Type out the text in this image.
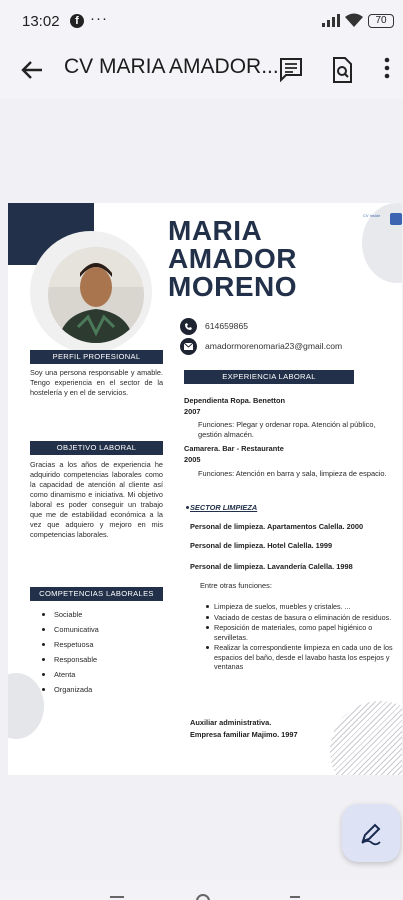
13:02	f ···	70
CV MARIA AMADOR...
MARIA
AMADOR
MORENO
CV Inside
614659865
amadormorenomaria23@gmail.com
PERFIL PROFESIONAL
Soy una persona responsable y amable. Tengo experiencia en el sector de la hostelería y en el de servicios.
OBJETIVO LABORAL
Gracias a los años de experiencia he adquirido competencias laborales como la capacidad de atención al cliente así como dinamismo e iniciativa. Mi objetivo laboral es poder conseguir un trabajo que me de estabilidad económica a la vez que adquiero y mejoro en mis competencias laborales.
COMPETENCIAS LABORALES
Sociable
Comunicativa
Respetuosa
Responsable
Atenta
Organizada
EXPERIENCIA LABORAL
Dependienta Ropa. Benetton
2007
Funciones: Plegar y ordenar ropa. Atención al público, gestión almacén.
Camarera. Bar - Restaurante
2005
Funciones: Atención en barra y sala, limpieza de espacio.
SECTOR LIMPIEZA
Personal de limpieza. Apartamentos Calella. 2000
Personal de limpieza. Hotel Calella. 1999
Personal de limpieza. Lavandería Calella. 1998
Entre otras funciones:
Limpieza de suelos, muebles y cristales. ...
Vaciado de cestas de basura o eliminación de residuos.
Reposición de materiales, como papel higiénico o servilletas.
Realizar la correspondiente limpieza en cada uno de los espacios del baño, desde el lavabo hasta los espejos y ventanas
Auxiliar administrativa.
Empresa familiar Majimo. 1997
